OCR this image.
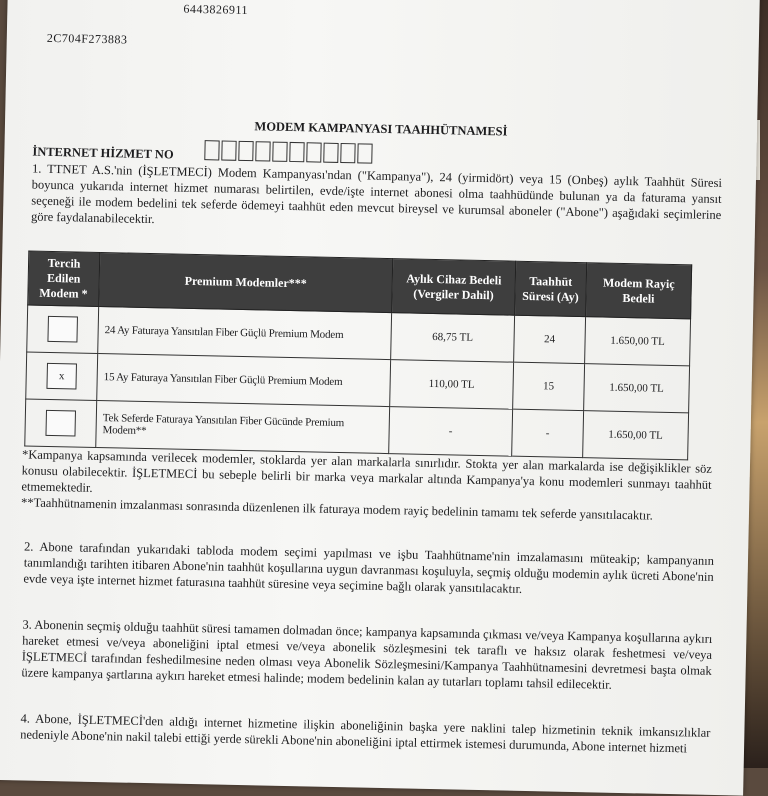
6443826911
2C704F273883
MODEM KAMPANYASI TAAHHÜTNAMESİ
İNTERNET HİZMET NO
1. TTNET A.S.'nin (İŞLETMECİ) Modem Kampanyası'ndan ("Kampanya"), 24 (yirmidört) veya 15 (Onbeş) aylık Taahhüt Süresi boyunca yukarıda internet hizmet numarası belirtilen, evde/işte internet abonesi olma taahhüdünde bulunan ya da faturama yansıt seçeneği ile modem bedelini tek seferde ödemeyi taahhüt eden mevcut bireysel ve kurumsal aboneler ("Abone") aşağıdaki seçimlerine göre faydalanabilecektir.
Tercih Edilen Modem *	Premium Modemler***	Aylık Cihaz Bedeli (Vergiler Dahil)	Taahhüt Süresi (Ay)	Modem Rayiç Bedeli

	24 Ay Faturaya Yansıtılan Fiber Güçlü Premium Modem	68,75 TL	24	1.650,00 TL

x	15 Ay Faturaya Yansıtılan Fiber Güçlü Premium Modem	110,00 TL	15	1.650,00 TL

	Tek Seferde Faturaya Yansıtılan Fiber Gücünde Premium Modem**	-	-	1.650,00 TL
*Kampanya kapsamında verilecek modemler, stoklarda yer alan markalarla sınırlıdır. Stokta yer alan markalarda ise değişiklikler söz konusu olabilecektir. İŞLETMECİ bu sebeple belirli bir marka veya markalar altında Kampanya'ya konu modemleri sunmayı taahhüt etmemektedir.
**Taahhütnamenin imzalanması sonrasında düzenlenen ilk faturaya modem rayiç bedelinin tamamı tek seferde yansıtılacaktır.
2. Abone tarafından yukarıdaki tabloda modem seçimi yapılması ve işbu Taahhütname'nin imzalamasını müteakip; kampanyanın tanımlandığı tarihten itibaren Abone'nin taahhüt koşullarına uygun davranması koşuluyla, seçmiş olduğu modemin aylık ücreti Abone'nin evde veya işte internet hizmet faturasına taahhüt süresine veya seçimine bağlı olarak yansıtılacaktır.
3. Abonenin seçmiş olduğu taahhüt süresi tamamen dolmadan önce; kampanya kapsamında çıkması ve/veya Kampanya koşullarına aykırı hareket etmesi ve/veya aboneliğini iptal etmesi ve/veya abonelik sözleşmesini tek taraflı ve haksız olarak feshetmesi ve/veya İŞLETMECİ tarafından feshedilmesine neden olması veya Abonelik Sözleşmesini/Kampanya Taahhütnamesini devretmesi başta olmak üzere kampanya şartlarına aykırı hareket etmesi halinde; modem bedelinin kalan ay tutarları toplamı tahsil edilecektir.
4. Abone, İŞLETMECİ'den aldığı internet hizmetine ilişkin aboneliğinin başka yere naklini talep hizmetinin teknik imkansızlıklar nedeniyle Abone'nin nakil talebi ettiği yerde sürekli Abone'nin aboneliğini iptal ettirmek istemesi durumunda, Abone internet hizmeti
